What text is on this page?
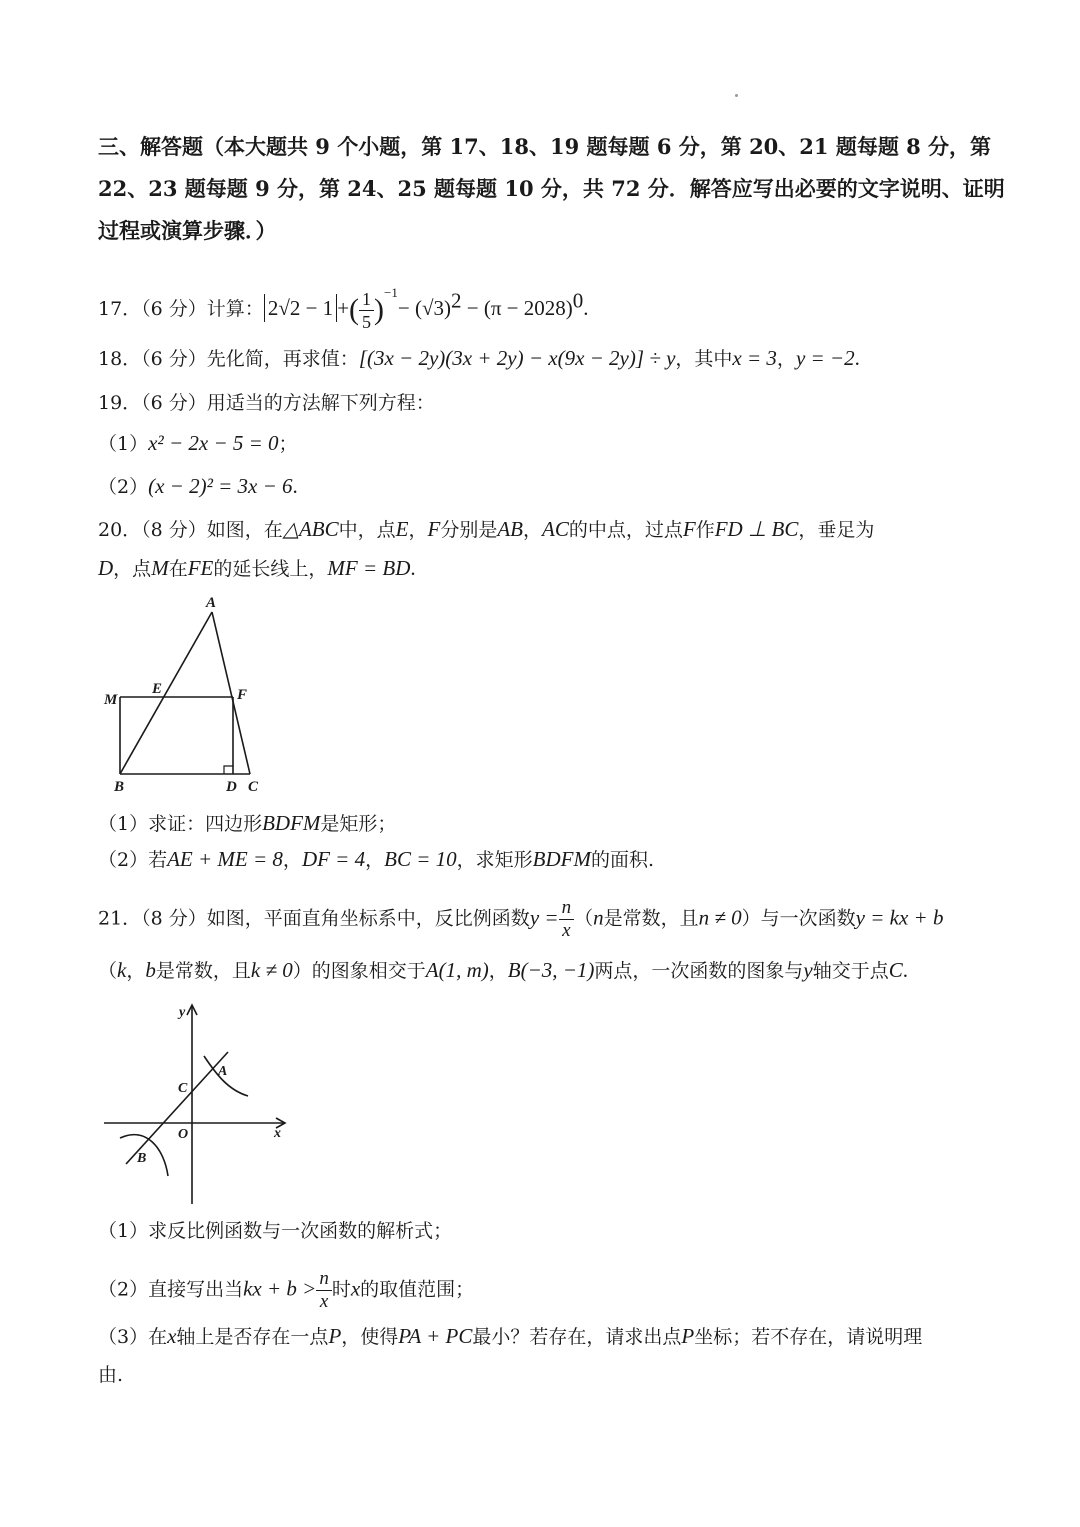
三、解答题（本大题共 9 个小题，第 17、18、19 题每题 6 分，第 20、21 题每题 8 分，第
22、23 题每题 9 分，第 24、25 题每题 10 分，共 72 分．解答应写出必要的文字说明、证明
过程或演算步骤．）
17．（6 分）计算： 2√2 − 1 +( $\frac{1}{5} )^{-1}- (√3)^2 - (\pi - 2028)^0$.
18．（6 分）先化简，再求值：[(3x − 2y)(3x + 2y) − x(9x − 2y)] ÷ y，其中x = 3，y = −2.
19．（6 分）用适当的方法解下列方程：
（1）x² − 2x − 5 = 0；
（2）(x − 2)² = 3x − 6.
20．（8 分）如图，在△ABC中，点E，F分别是AB，AC的中点，过点F作FD ⊥ BC，垂足为
D，点M在FE的延长线上，MF = BD.
A
M
E	F
B	D C
（1）求证：四边形BDFM是矩形；
（2）若AE + ME = 8，DF = 4，BC = 10，求矩形BDFM的面积.
21．（8 分）如图，平面直角坐标系中，反比例函数$y = \frac{n}{x} (n$是常数，且n ≠ 0）与一次函数y = kx + b
（k，b是常数，且k ≠ 0）的图象相交于A(1, m)，B(−3, −1)两点，一次函数的图象与y轴交于点C.
y
x
O
A
B
C
（1）求反比例函数与一次函数的解析式；
（2）直接写出当kx + $b > \frac{n}{x}$ 时x的取值范围；
（3）在x轴上是否存在一点P，使得PA + PC最小？若存在，请求出点P坐标；若不存在，请说明理
由.
